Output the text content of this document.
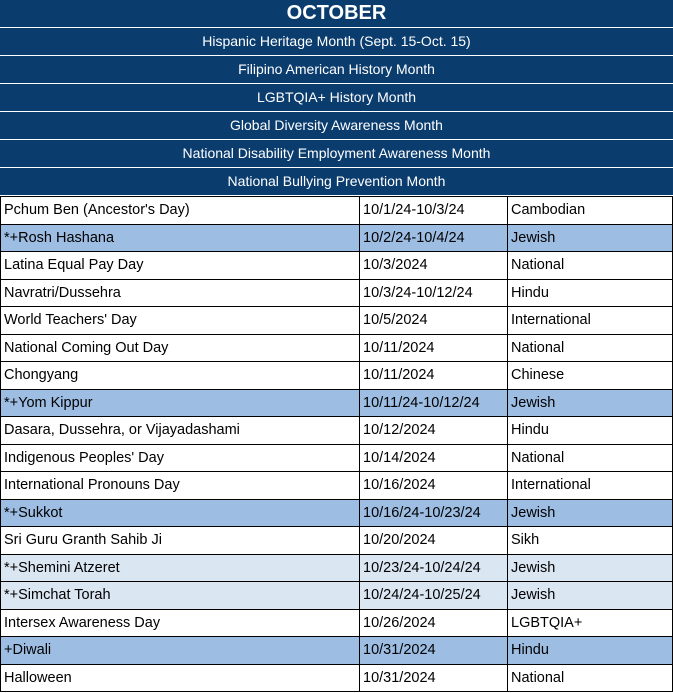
OCTOBER
Hispanic Heritage Month (Sept. 15-Oct. 15)
Filipino American History Month
LGBTQIA+ History Month
Global Diversity Awareness Month
National Disability Employment Awareness Month
National Bullying Prevention Month
Pchum Ben (Ancestor's Day)	10/1/24-10/3/24	Cambodian
*+Rosh Hashana	10/2/24-10/4/24	Jewish
Latina Equal Pay Day	10/3/2024	National
Navratri/Dussehra	10/3/24-10/12/24	Hindu
World Teachers' Day	10/5/2024	International
National Coming Out Day	10/11/2024	National
Chongyang	10/11/2024	Chinese
*+Yom Kippur	10/11/24-10/12/24	Jewish
Dasara, Dussehra, or Vijayadashami	10/12/2024	Hindu
Indigenous Peoples' Day	10/14/2024	National
International Pronouns Day	10/16/2024	International
*+Sukkot	10/16/24-10/23/24	Jewish
Sri Guru Granth Sahib Ji	10/20/2024	Sikh
*+Shemini Atzeret	10/23/24-10/24/24	Jewish
*+Simchat Torah	10/24/24-10/25/24	Jewish
Intersex Awareness Day	10/26/2024	LGBTQIA+
+Diwali	10/31/2024	Hindu
Halloween	10/31/2024	National
